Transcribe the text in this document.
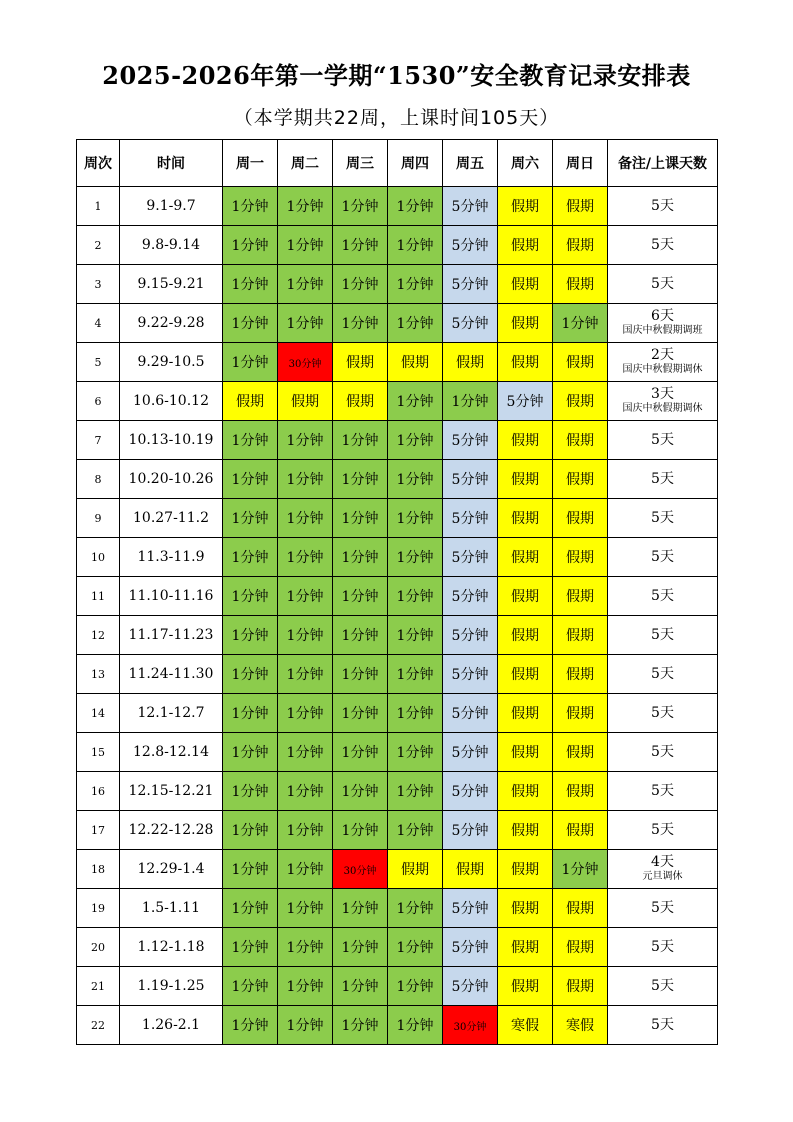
2025-2026年第一学期“1530”安全教育记录安排表
（本学期共22周，上课时间105天）
周次	时间	周一	周二	周三	周四	周五	周六	周日	备注/上课天数
1	9.1-9.7	1分钟	1分钟	1分钟	1分钟	5分钟	假期	假期	5天

2	9.8-9.14	1分钟	1分钟	1分钟	1分钟	5分钟	假期	假期	5天

3	9.15-9.21	1分钟	1分钟	1分钟	1分钟	5分钟	假期	假期	5天

4	9.22-9.28	1分钟	1分钟	1分钟	1分钟	5分钟	假期	1分钟	6天
国庆中秋假期调班

5	9.29-10.5	1分钟	30分钟	假期	假期	假期	假期	假期	2天
国庆中秋假期调休

6	10.6-10.12	假期	假期	假期	1分钟	1分钟	5分钟	假期	3天
国庆中秋假期调休

7	10.13-10.19	1分钟	1分钟	1分钟	1分钟	5分钟	假期	假期	5天

8	10.20-10.26	1分钟	1分钟	1分钟	1分钟	5分钟	假期	假期	5天

9	10.27-11.2	1分钟	1分钟	1分钟	1分钟	5分钟	假期	假期	5天

10	11.3-11.9	1分钟	1分钟	1分钟	1分钟	5分钟	假期	假期	5天

11	11.10-11.16	1分钟	1分钟	1分钟	1分钟	5分钟	假期	假期	5天

12	11.17-11.23	1分钟	1分钟	1分钟	1分钟	5分钟	假期	假期	5天

13	11.24-11.30	1分钟	1分钟	1分钟	1分钟	5分钟	假期	假期	5天

14	12.1-12.7	1分钟	1分钟	1分钟	1分钟	5分钟	假期	假期	5天

15	12.8-12.14	1分钟	1分钟	1分钟	1分钟	5分钟	假期	假期	5天

16	12.15-12.21	1分钟	1分钟	1分钟	1分钟	5分钟	假期	假期	5天

17	12.22-12.28	1分钟	1分钟	1分钟	1分钟	5分钟	假期	假期	5天

18	12.29-1.4	1分钟	1分钟	30分钟	假期	假期	假期	1分钟	4天
元旦调休

19	1.5-1.11	1分钟	1分钟	1分钟	1分钟	5分钟	假期	假期	5天

20	1.12-1.18	1分钟	1分钟	1分钟	1分钟	5分钟	假期	假期	5天

21	1.19-1.25	1分钟	1分钟	1分钟	1分钟	5分钟	假期	假期	5天

22	1.26-2.1	1分钟	1分钟	1分钟	1分钟	30分钟	寒假	寒假	5天
